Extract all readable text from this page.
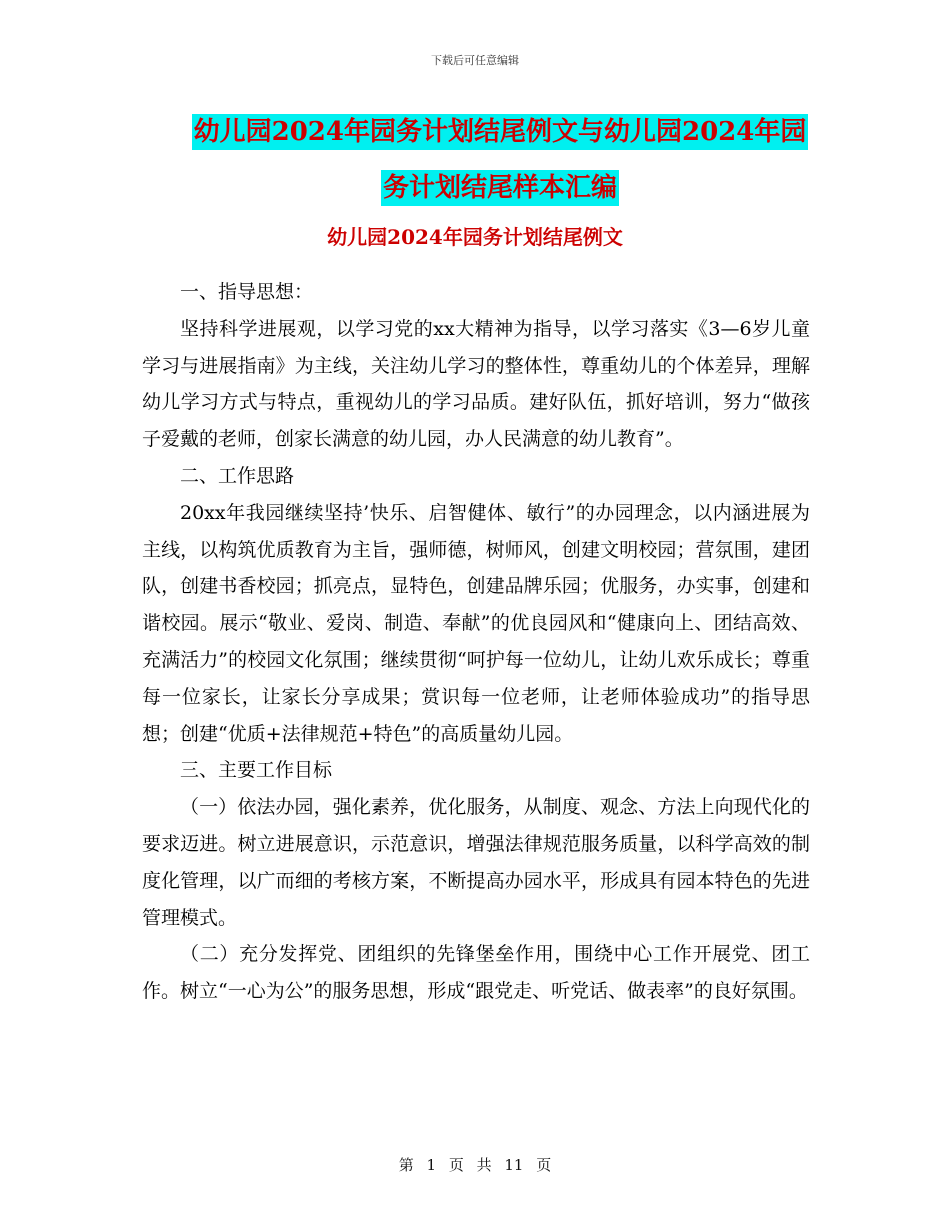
下载后可任意编辑
幼儿园2024年园务计划结尾例文与幼儿园2024年园
务计划结尾样本汇编
幼儿园2024年园务计划结尾例文

一、指导思想：

坚持科学进展观，以学习党的xx大精神为指导，以学习落实《3—6岁儿童学习与进展指南》为主线，关注幼儿学习的整体性，尊重幼儿的个体差异，理解幼儿学习方式与特点，重视幼儿的学习品质。建好队伍，抓好培训，努力“做孩子爱戴的老师，创家长满意的幼儿园，办人民满意的幼儿教育”。

二、工作思路

20xx年我园继续坚持’快乐、启智健体、敏行”的办园理念，以内涵进展为主线，以构筑优质教育为主旨，强师德，树师风，创建文明校园；营氛围，建团队，创建书香校园；抓亮点，显特色，创建品牌乐园；优服务，办实事，创建和谐校园。展示“敬业、爱岗、制造、奉献”的优良园风和“健康向上、团结高效、充满活力”的校园文化氛围；继续贯彻“呵护每一位幼儿，让幼儿欢乐成长；尊重每一位家长，让家长分享成果；赏识每一位老师，让老师体验成功”的指导思想；创建“优质+法律规范+特色”的高质量幼儿园。

三、主要工作目标

（一）依法办园，强化素养，优化服务，从制度、观念、方法上向现代化的要求迈进。树立进展意识，示范意识，增强法律规范服务质量，以科学高效的制度化管理，以广而细的考核方案，不断提高办园水平，形成具有园本特色的先进管理模式。

（二）充分发挥党、团组织的先锋堡垒作用，围绕中心工作开展党、团工作。树立“一心为公”的服务思想，形成“跟党走、听党话、做表率”的良好氛围。

第 1 页 共 11 页
